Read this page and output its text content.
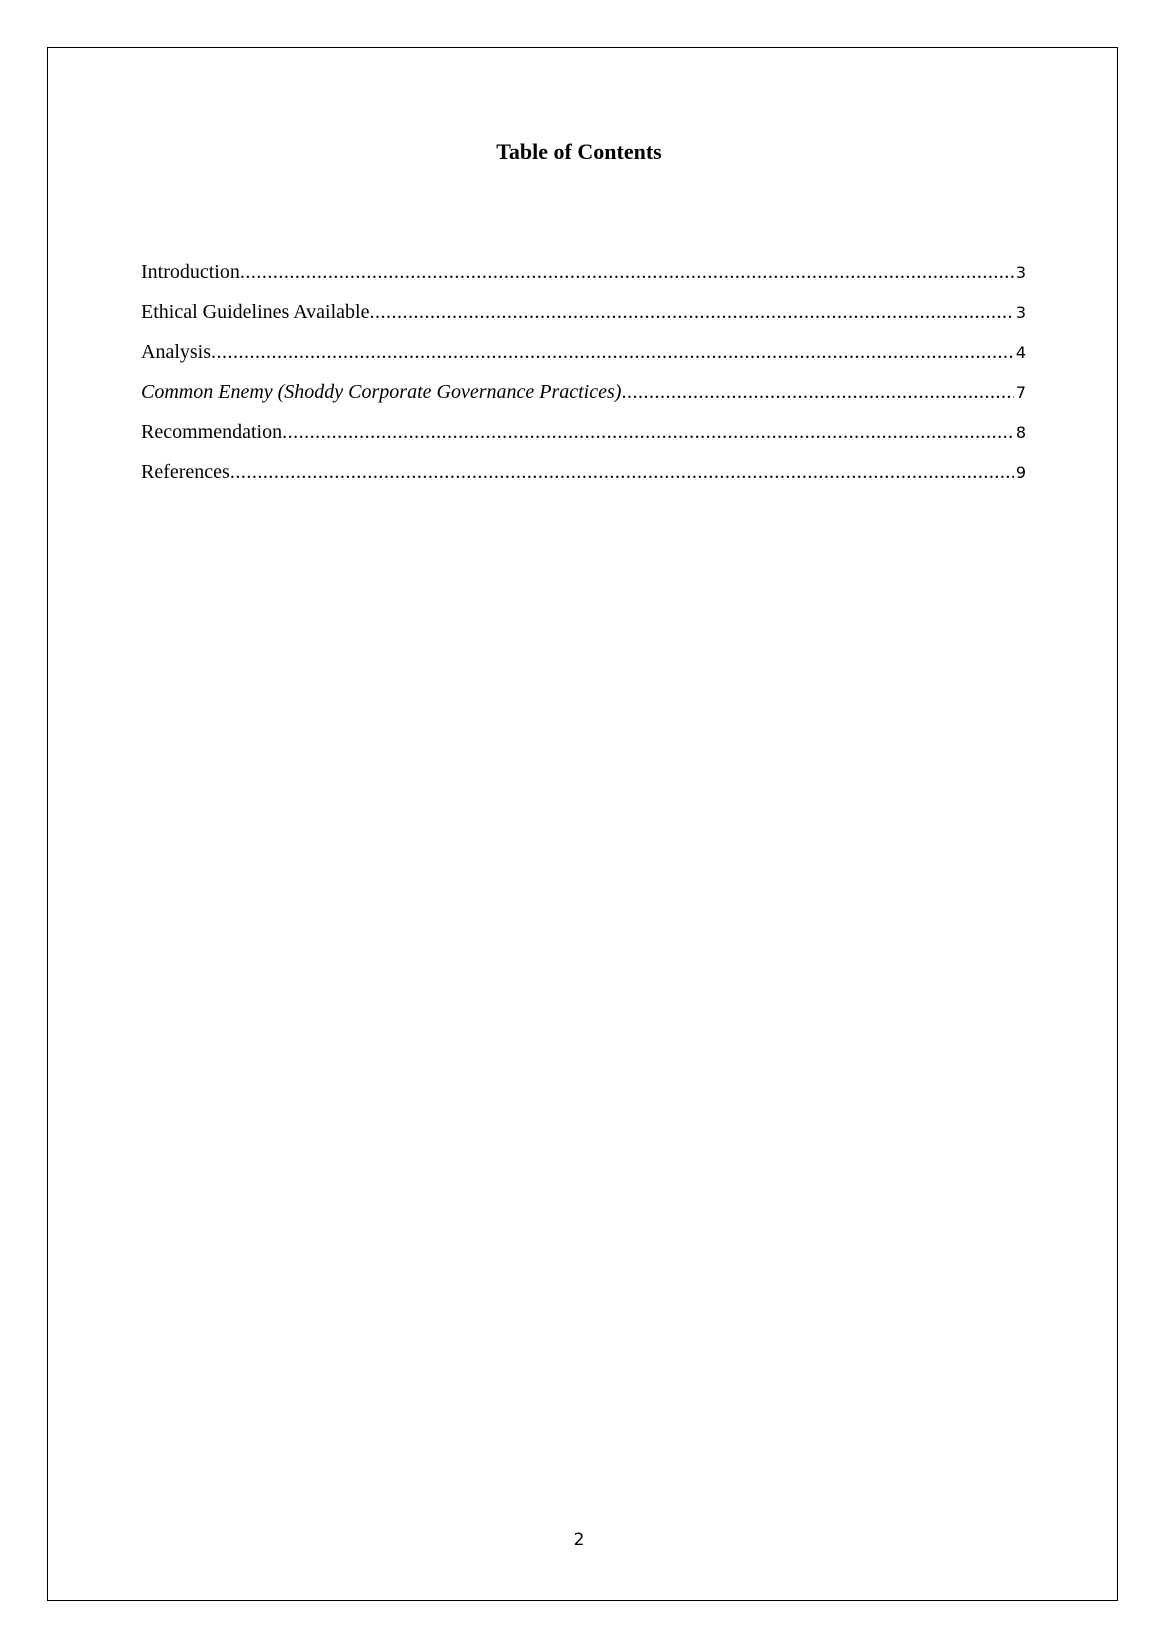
Table of Contents
Introduction .....	3
Ethical Guidelines Available .....	3
Analysis .....	4
Common Enemy (Shoddy Corporate Governance Practices) .....	7
Recommendation .....	8
References .....	9
2
